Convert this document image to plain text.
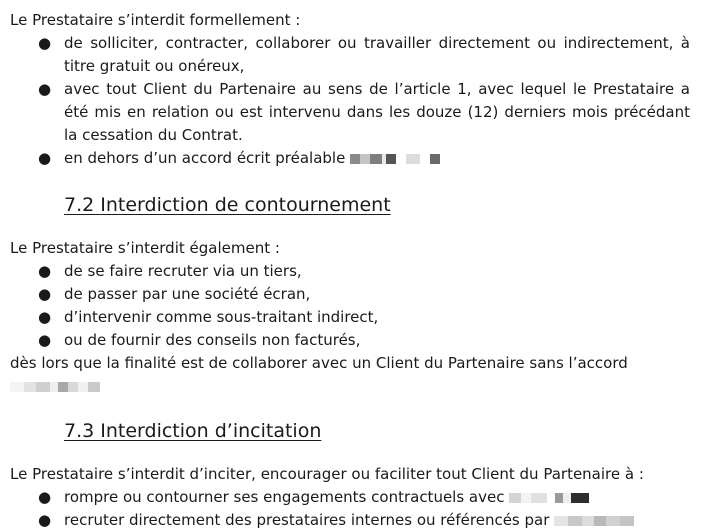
Le Prestataire s’interdit formellement :

● de solliciter, contracter, collaborer ou travailler directement ou indirectement, à titre gratuit ou onéreux,
● avec tout Client du Partenaire au sens de l’article 1, avec lequel le Prestataire a été mis en relation ou est intervenu dans les douze (12) derniers mois précédant la cessation du Contrat.
● en dehors d’un accord écrit préalable

7.2 Interdiction de contournement

Le Prestataire s’interdit également :

● de se faire recruter via un tiers,
● de passer par une société écran,
● d’intervenir comme sous-traitant indirect,
● ou de fournir des conseils non facturés,

dès lors que la finalité est de collaborer avec un Client du Partenaire sans l’accord

7.3 Interdiction d’incitation

Le Prestataire s’interdit d’inciter, encourager ou faciliter tout Client du Partenaire à :

● rompre ou contourner ses engagements contractuels avec
● recruter directement des prestataires internes ou référencés par
